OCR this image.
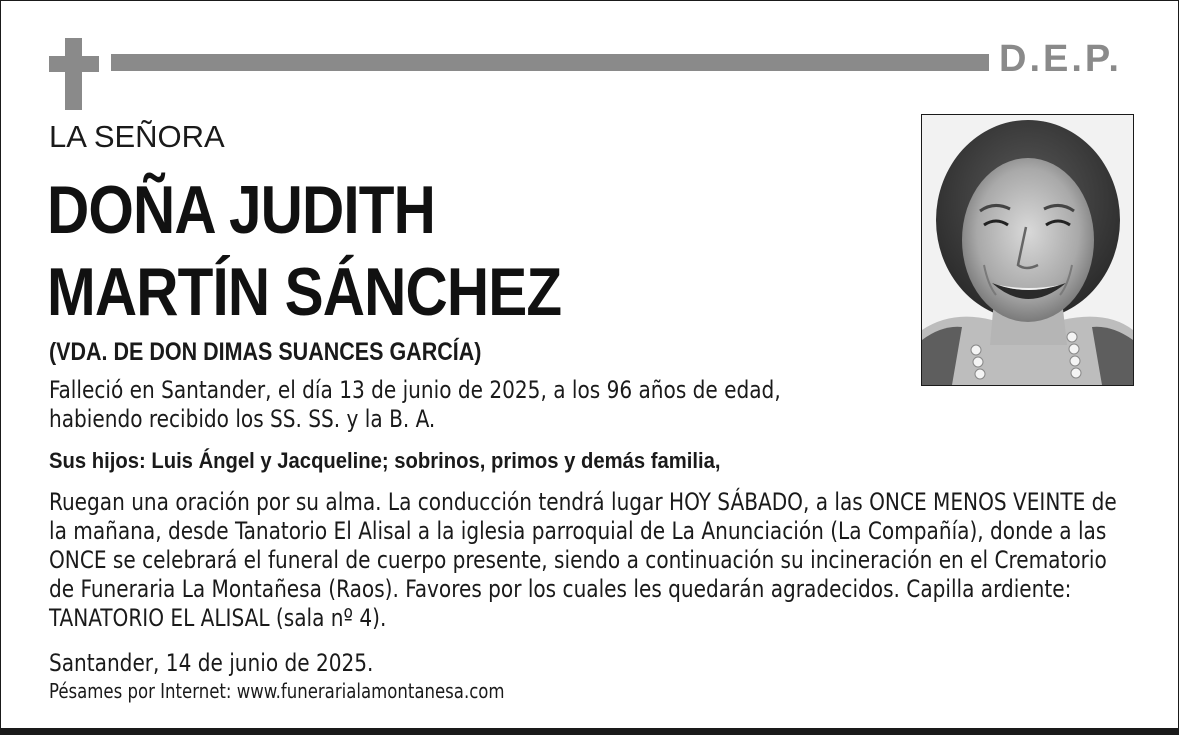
D.E.P.
LA SEÑORA
DOÑA JUDITH
MARTÍN SÁNCHEZ
(VDA. DE DON DIMAS SUANCES GARCÍA)
Falleció en Santander, el día 13 de junio de 2025, a los 96 años de edad, habiendo recibido los SS. SS. y la B. A.
Sus hijos: Luis Ángel y Jacqueline; sobrinos, primos y demás familia,
Ruegan una oración por su alma. La conducción tendrá lugar HOY SÁBADO, a las ONCE MENOS VEINTE de la mañana, desde Tanatorio El Alisal a la iglesia parroquial de La Anunciación (La Compañía), donde a las ONCE se celebrará el funeral de cuerpo presente, siendo a continuación su incineración en el Crematorio de Funeraria La Montañesa (Raos). Favores por los cuales les quedarán agradecidos. Capilla ardiente: TANATORIO EL ALISAL (sala nº 4).
Santander, 14 de junio de 2025.
Pésames por Internet: www.funerarialamontanesa.com
